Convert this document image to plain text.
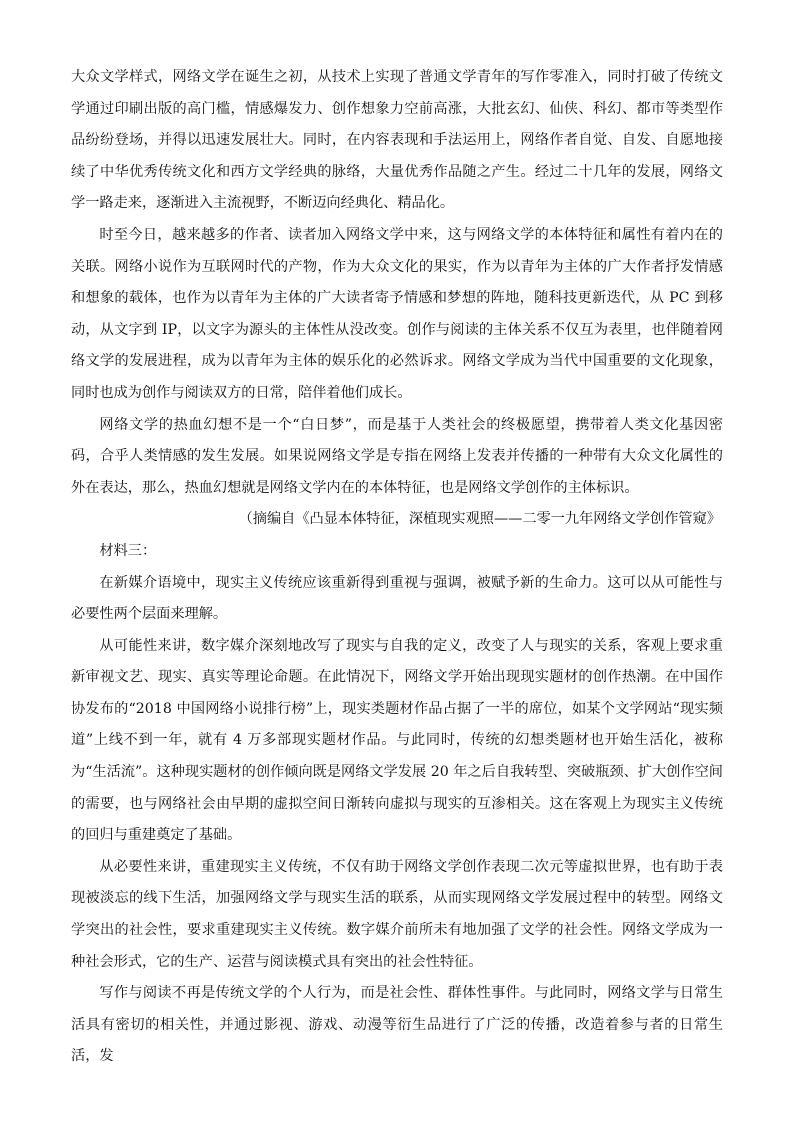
大众文学样式，网络文学在诞生之初，从技术上实现了普通文学青年的写作零准入，同时打破了传统文学通过印刷出版的高门槛，情感爆发力、创作想象力空前高涨，大批玄幻、仙侠、科幻、都市等类型作品纷纷登场，并得以迅速发展壮大。同时，在内容表现和手法运用上，网络作者自觉、自发、自愿地接续了中华优秀传统文化和西方文学经典的脉络，大量优秀作品随之产生。经过二十几年的发展，网络文学一路走来，逐渐进入主流视野，不断迈向经典化、精品化。

时至今日，越来越多的作者、读者加入网络文学中来，这与网络文学的本体特征和属性有着内在的关联。网络小说作为互联网时代的产物，作为大众文化的果实，作为以青年为主体的广大作者抒发情感和想象的载体，也作为以青年为主体的广大读者寄予情感和梦想的阵地，随科技更新迭代，从 PC 到移动，从文字到 IP，以文字为源头的主体性从没改变。创作与阅读的主体关系不仅互为表里，也伴随着网络文学的发展进程，成为以青年为主体的娱乐化的必然诉求。网络文学成为当代中国重要的文化现象，同时也成为创作与阅读双方的日常，陪伴着他们成长。

网络文学的热血幻想不是一个“白日梦”，而是基于人类社会的终极愿望，携带着人类文化基因密码，合乎人类情感的发生发展。如果说网络文学是专指在网络上发表并传播的一种带有大众文化属性的外在表达，那么，热血幻想就是网络文学内在的本体特征，也是网络文学创作的主体标识。

（摘编自《凸显本体特征，深植现实观照——二零一九年网络文学创作管窥》

材料三：

在新媒介语境中，现实主义传统应该重新得到重视与强调，被赋予新的生命力。这可以从可能性与必要性两个层面来理解。

从可能性来讲，数字媒介深刻地改写了现实与自我的定义，改变了人与现实的关系，客观上要求重新审视文艺、现实、真实等理论命题。在此情况下，网络文学开始出现现实题材的创作热潮。在中国作协发布的“2018 中国网络小说排行榜”上，现实类题材作品占据了一半的席位，如某个文学网站“现实频道”上线不到一年，就有 4 万多部现实题材作品。与此同时，传统的幻想类题材也开始生活化，被称为“生活流”。这种现实题材的创作倾向既是网络文学发展 20 年之后自我转型、突破瓶颈、扩大创作空间的需要，也与网络社会由早期的虚拟空间日渐转向虚拟与现实的互渗相关。这在客观上为现实主义传统的回归与重建奠定了基础。

从必要性来讲，重建现实主义传统，不仅有助于网络文学创作表现二次元等虚拟世界，也有助于表现被淡忘的线下生活，加强网络文学与现实生活的联系，从而实现网络文学发展过程中的转型。网络文学突出的社会性，要求重建现实主义传统。数字媒介前所未有地加强了文学的社会性。网络文学成为一种社会形式，它的生产、运营与阅读模式具有突出的社会性特征。

写作与阅读不再是传统文学的个人行为，而是社会性、群体性事件。与此同时，网络文学与日常生活具有密切的相关性，并通过影视、游戏、动漫等衍生品进行了广泛的传播，改造着参与者的日常生活，发
